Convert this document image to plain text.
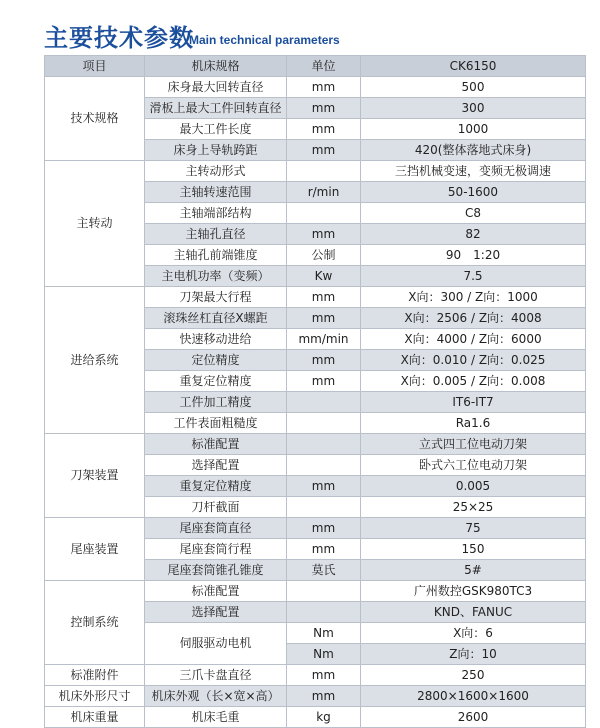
主要技术参数
Main technical parameters
项目	机床规格	单位	CK6150
技术规格	床身最大回转直径	mm	500
	滑板上最大工件回转直径	mm	300
	最大工件长度	mm	1000
	床身上导轨跨距	mm	420(整体落地式床身)
主转动	主转动形式		三挡机械变速，变频无极调速
	主轴转速范围	r/min	50-1600
	主轴端部结构		C8
	主轴孔直径	mm	82
	主轴孔前端锥度	公制	90　1:20
	主电机功率（变频）	Kw	7.5
进给系统	刀架最大行程	mm	X向：300 / Z向：1000
	滚珠丝杠直径X螺距	mm	X向：2506 / Z向：4008
	快速移动进给	mm/min	X向：4000 / Z向：6000
	定位精度	mm	X向：0.010 / Z向：0.025
	重复定位精度	mm	X向：0.005 / Z向：0.008
	工件加工精度		IT6-IT7
	工件表面粗糙度		Ra1.6
刀架装置	标准配置		立式四工位电动刀架
	选择配置		卧式六工位电动刀架
	重复定位精度	mm	0.005
	刀杆截面		25×25
尾座装置	尾座套筒直径	mm	75
	尾座套筒行程	mm	150
	尾座套筒锥孔锥度	莫氏	5#
控制系统	标准配置		广州数控GSK980TC3
	选择配置		KND、FANUC
	伺服驱动电机	Nm	X向：6
		Nm	Z向：10
标准附件	三爪卡盘直径	mm	250
机床外形尺寸	机床外观（长×宽×高）	mm	2800×1600×1600
机床重量	机床毛重	kg	2600
